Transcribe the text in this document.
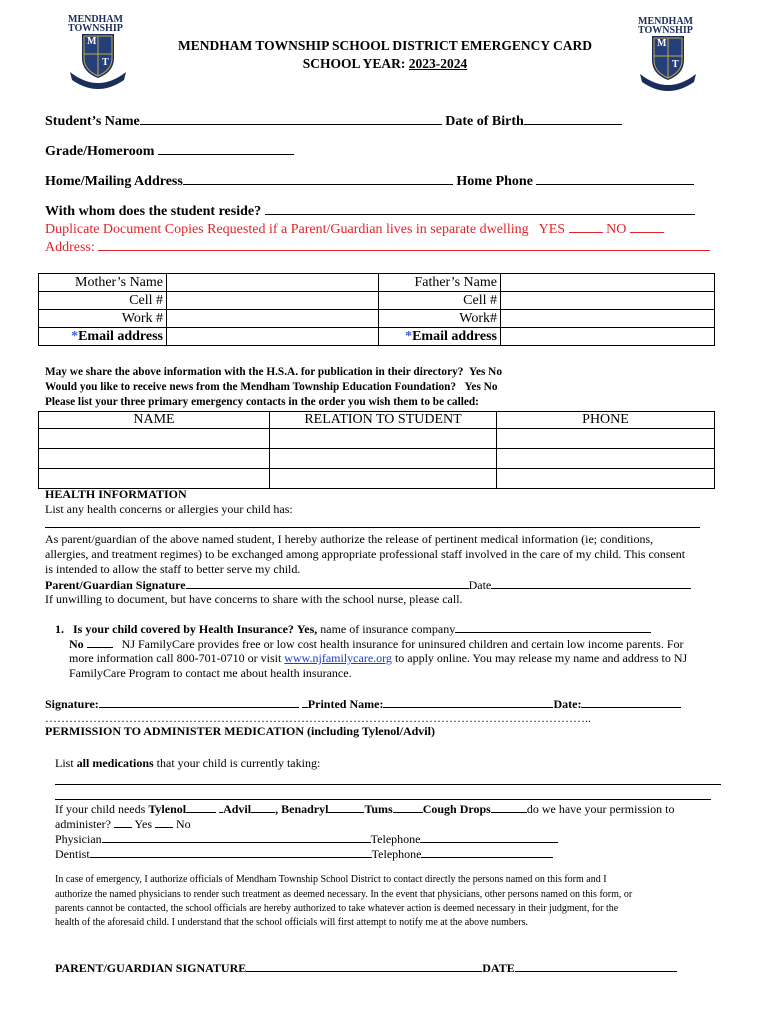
MENDHAM
TOWNSHIP
M
T
MENDHAM
TOWNSHIP
M
T
MENDHAM TOWNSHIP SCHOOL DISTRICT EMERGENCY CARD
SCHOOL YEAR: 2023-2024
Student’s Name	Date of Birth
Grade/Homeroom
Home/Mailing Address	Home Phone
With whom does the student reside?
Duplicate Document Copies Requested if a Parent/Guardian lives in separate dwelling YES	NO
Address:
Mother’s Name		Father’s Name	
Cell #		Cell #	
Work #		Work#	
*Email address		*Email address	
May we share the above information with the H.S.A. for publication in their directory? Yes No
Would you like to receive news from the Mendham Township Education Foundation? Yes No
Please list your three primary emergency contacts in the order you wish them to be called:
NAME	RELATION TO STUDENT	PHONE

HEALTH INFORMATION
List any health concerns or allergies your child has:
As parent/guardian of the above named student, I hereby authorize the release of pertinent medical information (ie; conditions,
allergies, and treatment regimes) to be exchanged among appropriate professional staff involved in the care of my child. This consent
is intended to allow the staff to better serve my child.
Parent/Guardian Signature	Date
If unwilling to document, but have concerns to share with the school nurse, please call.
1. Is your child covered by Health Insurance? Yes, name of insurance company
No	NJ FamilyCare provides free or low cost health insurance for uninsured children and certain low income parents. For
more information call 800-701-0710 or visit www.njfamilycare.org to apply online. You may release my name and address to NJ
FamilyCare Program to contact me about health insurance.
Signature:	Printed Name:	Date:
………………………………………………………………………………………………………………………..
PERMISSION TO ADMINISTER MEDICATION (including Tylenol/Advil)
List all medications that your child is currently taking:
If your child needs Tylenol	Advil , Benadryl	Tums	Cough Drops	do we have your permission to
administer? Yes No
Physician	Telephone
Dentist	Telephone
In case of emergency, I authorize officials of Mendham Township School District to contact directly the persons named on this form and I
authorize the named physicians to render such treatment as deemed necessary. In the event that physicians, other persons named on this form, or
parents cannot be contacted, the school officials are hereby authorized to take whatever action is deemed necessary in their judgment, for the
health of the aforesaid child. I understand that the school officials will first attempt to notify me at the above numbers.
PARENT/GUARDIAN SIGNATURE	DATE
